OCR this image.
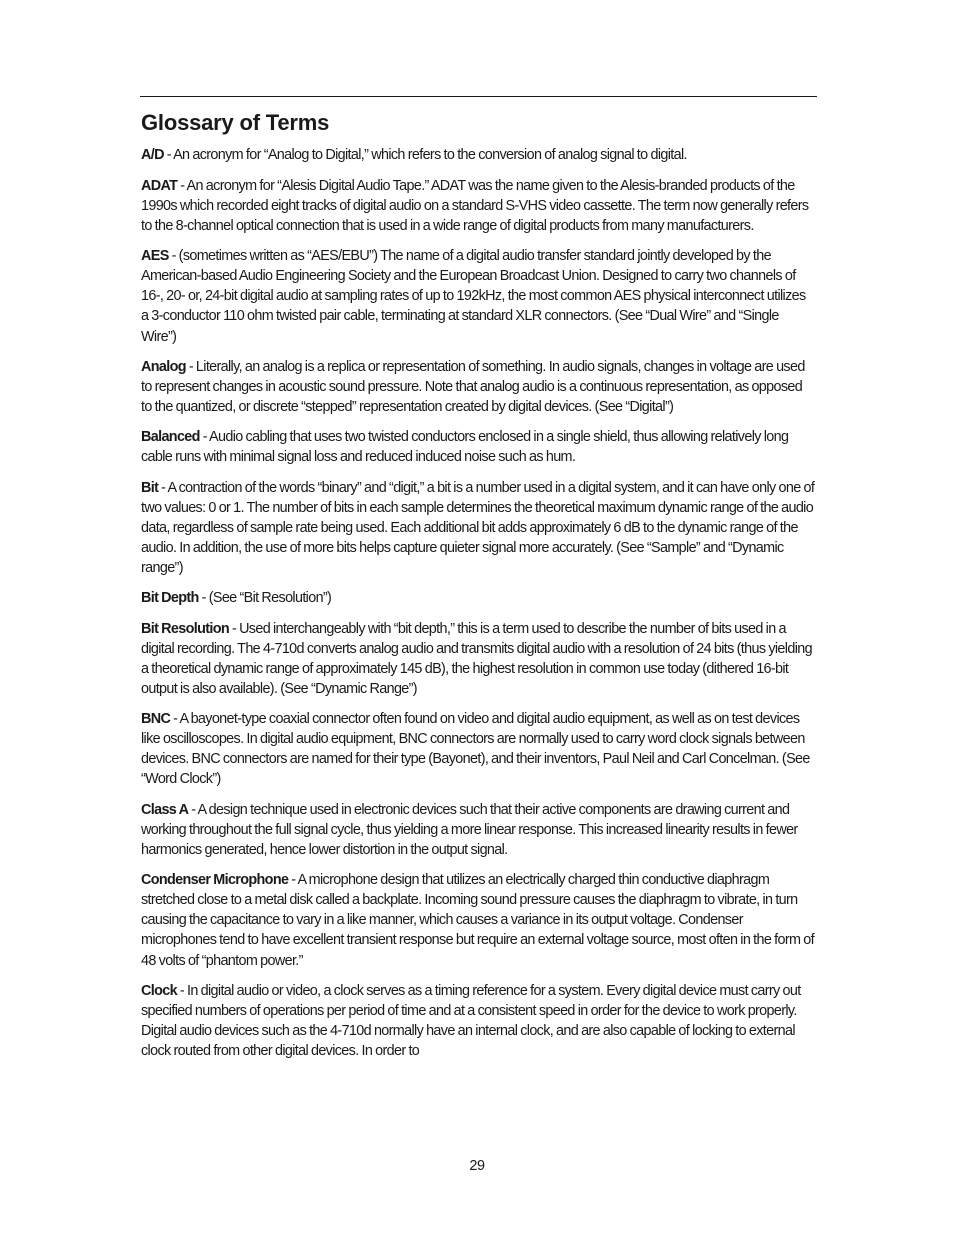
Glossary of Terms

A/D - An acronym for “Analog to Digital,” which refers to the conversion of analog signal to digital.

ADAT - An acronym for “Alesis Digital Audio Tape.” ADAT was the name given to the Alesis-branded products of the 1990s which recorded eight tracks of digital audio on a standard S-VHS video cassette. The term now generally refers to the 8-channel optical connection that is used in a wide range of digital products from many manufacturers.

AES - (sometimes written as “AES/EBU”) The name of a digital audio transfer standard jointly developed by the American-based Audio Engineering Society and the European Broadcast Union. Designed to carry two channels of 16-, 20- or, 24-bit digital audio at sampling rates of up to 192kHz, the most common AES physical interconnect utilizes a 3-conductor 110 ohm twisted pair cable, terminating at standard XLR connectors. (See “Dual Wire” and “Single Wire”)

Analog - Literally, an analog is a replica or representation of something. In audio signals, changes in voltage are used to represent changes in acoustic sound pressure. Note that analog audio is a continuous representation, as opposed to the quantized, or discrete “stepped” representation created by digital devices. (See “Digital”)

Balanced - Audio cabling that uses two twisted conductors enclosed in a single shield, thus allowing relatively long cable runs with minimal signal loss and reduced induced noise such as hum.

Bit - A contraction of the words “binary” and “digit,” a bit is a number used in a digital system, and it can have only one of two values: 0 or 1. The number of bits in each sample determines the theoretical maximum dynamic range of the audio data, regardless of sample rate being used. Each additional bit adds approximately 6 dB to the dynamic range of the audio. In addition, the use of more bits helps capture quieter signal more accurately. (See “Sample” and “Dynamic range”)

Bit Depth - (See “Bit Resolution”)

Bit Resolution - Used interchangeably with “bit depth,” this is a term used to describe the number of bits used in a digital recording. The 4-710d converts analog audio and transmits digital audio with a resolution of 24 bits (thus yielding a theoretical dynamic range of approximately 145 dB), the highest resolution in common use today (dithered 16-bit output is also available). (See “Dynamic Range”)

BNC - A bayonet-type coaxial connector often found on video and digital audio equipment, as well as on test devices like oscilloscopes. In digital audio equipment, BNC connectors are normally used to carry word clock signals between devices. BNC connectors are named for their type (Bayonet), and their inventors, Paul Neil and Carl Concelman. (See “Word Clock”)

Class A - A design technique used in electronic devices such that their active components are drawing current and working throughout the full signal cycle, thus yielding a more linear response. This increased linearity results in fewer harmonics generated, hence lower distortion in the output signal.

Condenser Microphone - A microphone design that utilizes an electrically charged thin conductive diaphragm stretched close to a metal disk called a backplate. Incoming sound pressure causes the diaphragm to vibrate, in turn causing the capacitance to vary in a like manner, which causes a variance in its output voltage. Condenser microphones tend to have excellent transient response but require an external voltage source, most often in the form of 48 volts of “phantom power.”

Clock - In digital audio or video, a clock serves as a timing reference for a system. Every digital device must carry out specified numbers of operations per period of time and at a consistent speed in order for the device to work properly. Digital audio devices such as the 4-710d normally have an internal clock, and are also capable of locking to external clock routed from other digital devices. In order to

29
